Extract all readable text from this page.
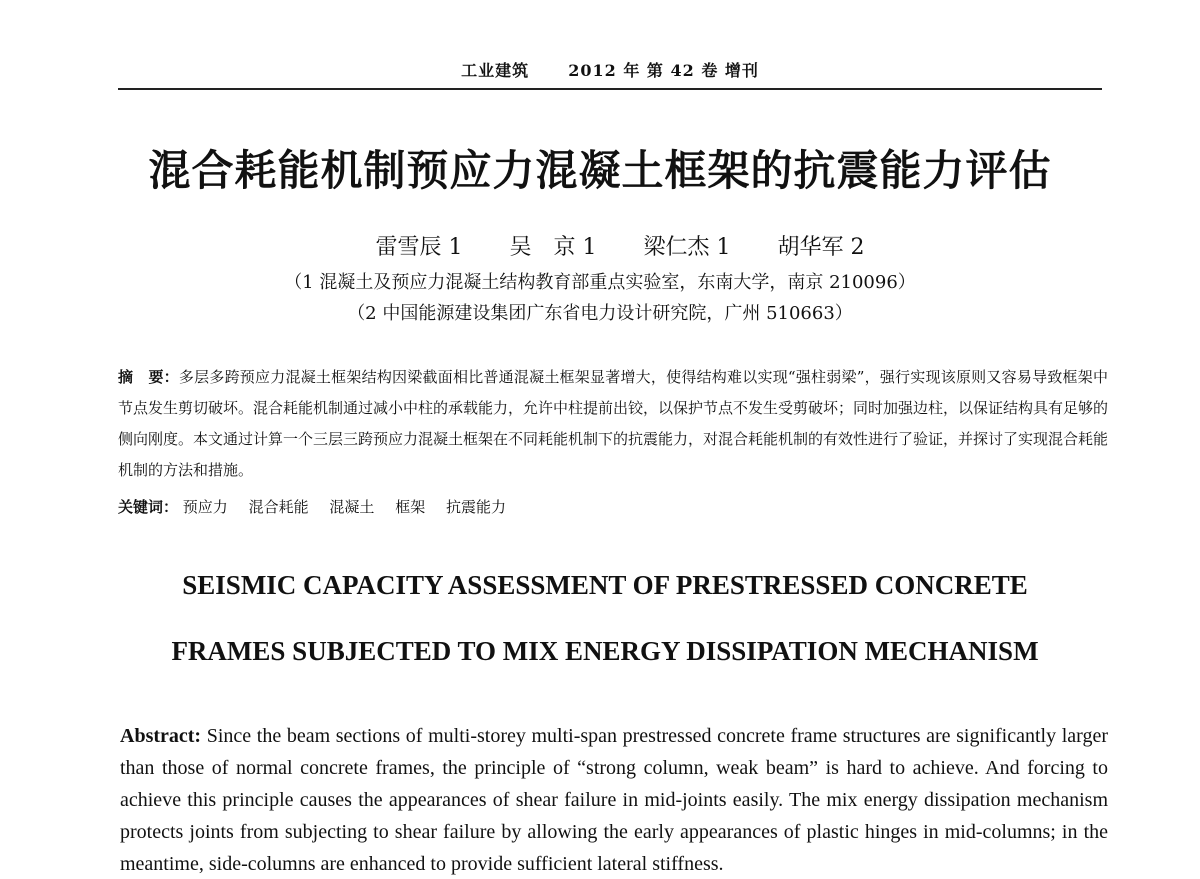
工业建筑 2012 年 第 42 卷 增刊
混合耗能机制预应力混凝土框架的抗震能力评估
雷雪辰 1 吴　京 1 梁仁杰 1 胡华军 2
（1 混凝土及预应力混凝土结构教育部重点实验室，东南大学，南京 210096）
（2 中国能源建设集团广东省电力设计研究院，广州 510663）
摘　要：多层多跨预应力混凝土框架结构因梁截面相比普通混凝土框架显著增大，使得结构难以实现“强柱弱梁”，强行实现该原则又容易导致框架中节点发生剪切破坏。混合耗能机制通过减小中柱的承载能力，允许中柱提前出铰，以保护节点不发生受剪破坏；同时加强边柱，以保证结构具有足够的侧向刚度。本文通过计算一个三层三跨预应力混凝土框架在不同耗能机制下的抗震能力，对混合耗能机制的有效性进行了验证，并探讨了实现混合耗能机制的方法和措施。
关键词： 预应力 混合耗能 混凝土 框架 抗震能力
SEISMIC CAPACITY ASSESSMENT OF PRESTRESSED CONCRETE
FRAMES SUBJECTED TO MIX ENERGY DISSIPATION MECHANISM
Abstract: Since the beam sections of multi-storey multi-span prestressed concrete frame structures are significantly larger than those of normal concrete frames, the principle of “strong column, weak beam” is hard to achieve. And forcing to achieve this principle causes the appearances of shear failure in mid-joints easily. The mix energy dissipation mechanism protects joints from subjecting to shear failure by allowing the early appearances of plastic hinges in mid-columns; in the meantime, side-columns are enhanced to provide sufficient lateral stiffness.
